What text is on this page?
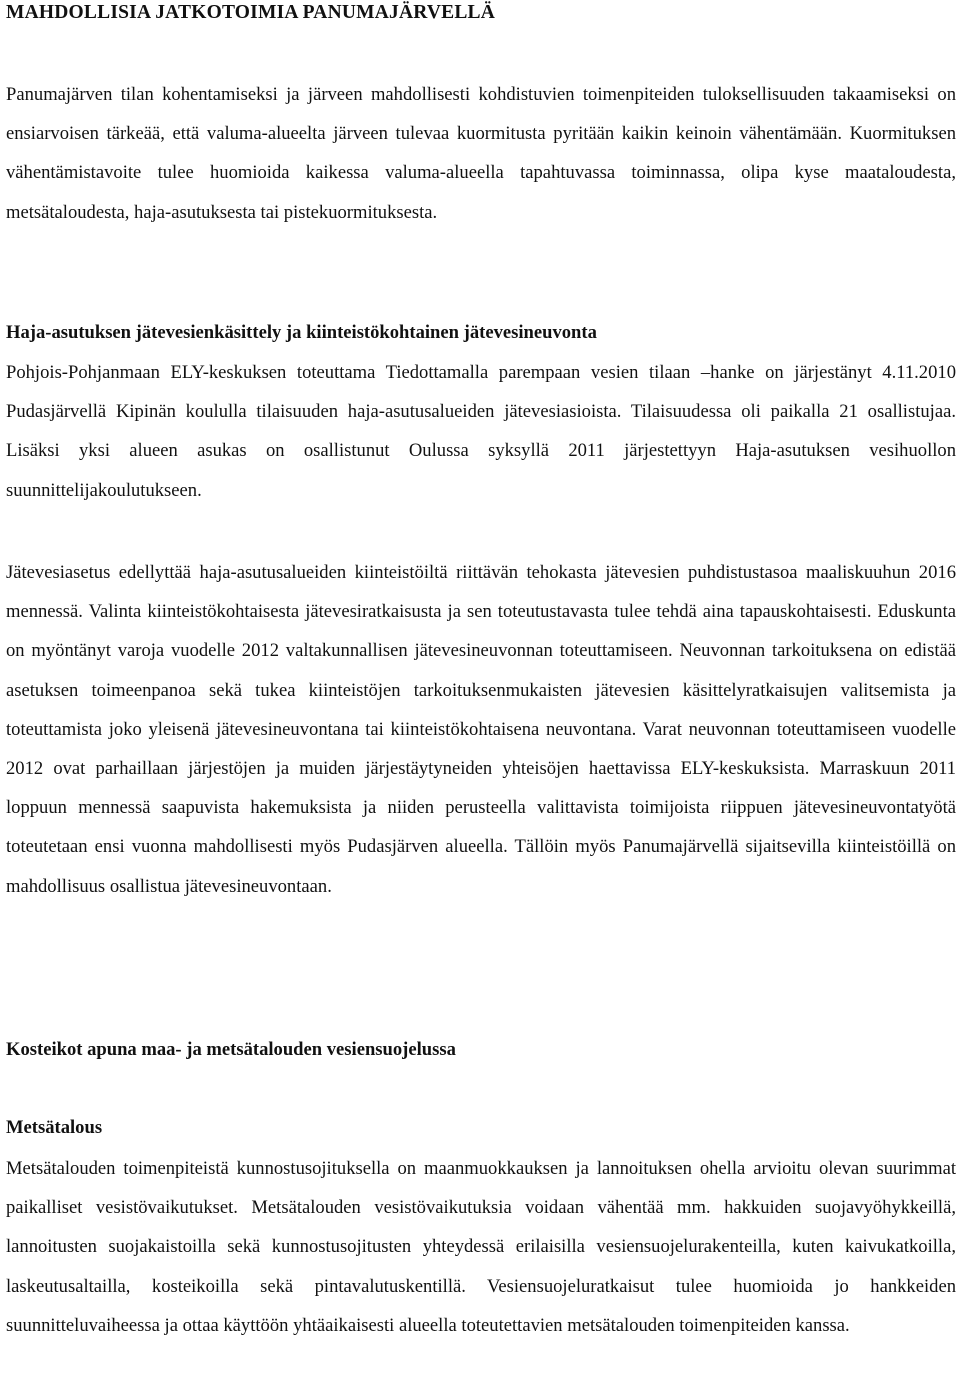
MAHDOLLISIA JATKOTOIMIA PANUMAJÄRVELLÄ

Panumajärven tilan kohentamiseksi ja järveen mahdollisesti kohdistuvien toimenpiteiden tuloksellisuuden takaamiseksi on ensiarvoisen tärkeää, että valuma-alueelta järveen tulevaa kuormitusta pyritään kaikin keinoin vähentämään. Kuormituksen vähentämistavoite tulee huomioida kaikessa valuma-alueella tapahtuvassa toiminnassa, olipa kyse maataloudesta, metsätaloudesta, haja-asutuksesta tai pistekuormituksesta.

Haja-asutuksen jätevesienkäsittely ja kiinteistökohtainen jätevesineuvonta

Pohjois-Pohjanmaan ELY-keskuksen toteuttama Tiedottamalla parempaan vesien tilaan –hanke on järjestänyt 4.11.2010 Pudasjärvellä Kipinän koululla tilaisuuden haja-asutusalueiden jätevesiasioista. Tilaisuudessa oli paikalla 21 osallistujaa. Lisäksi yksi alueen asukas on osallistunut Oulussa syksyllä 2011 järjestettyyn Haja-asutuksen vesihuollon suunnittelijakoulutukseen.

Jätevesiasetus edellyttää haja-asutusalueiden kiinteistöiltä riittävän tehokasta jätevesien puhdistustasoa maaliskuuhun 2016 mennessä. Valinta kiinteistökohtaisesta jätevesiratkaisusta ja sen toteutustavasta tulee tehdä aina tapauskohtaisesti. Eduskunta on myöntänyt varoja vuodelle 2012 valtakunnallisen jätevesineuvonnan toteuttamiseen. Neuvonnan tarkoituksena on edistää asetuksen toimeenpanoa sekä tukea kiinteistöjen tarkoituksenmukaisten jätevesien käsittelyratkaisujen valitsemista ja toteuttamista joko yleisenä jätevesineuvontana tai kiinteistökohtaisena neuvontana. Varat neuvonnan toteuttamiseen vuodelle 2012 ovat parhaillaan järjestöjen ja muiden järjestäytyneiden yhteisöjen haettavissa ELY-keskuksista. Marraskuun 2011 loppuun mennessä saapuvista hakemuksista ja niiden perusteella valittavista toimijoista riippuen jätevesineuvontatyötä toteutetaan ensi vuonna mahdollisesti myös Pudasjärven alueella. Tällöin myös Panumajärvellä sijaitsevilla kiinteistöillä on mahdollisuus osallistua jätevesineuvontaan.

Kosteikot apuna maa- ja metsätalouden vesiensuojelussa
Metsätalous

Metsätalouden toimenpiteistä kunnostusojituksella on maanmuokkauksen ja lannoituksen ohella arvioitu olevan suurimmat paikalliset vesistövaikutukset. Metsätalouden vesistövaikutuksia voidaan vähentää mm. hakkuiden suojavyöhykkeillä, lannoitusten suojakaistoilla sekä kunnostusojitusten yhteydessä erilaisilla vesiensuojelurakenteilla, kuten kaivukatkoilla, laskeutusaltailla, kosteikoilla sekä pintavalutuskentillä. Vesiensuojeluratkaisut tulee huomioida jo hankkeiden suunnitteluvaiheessa ja ottaa käyttöön yhtäaikaisesti alueella toteutettavien metsätalouden toimenpiteiden kanssa.
